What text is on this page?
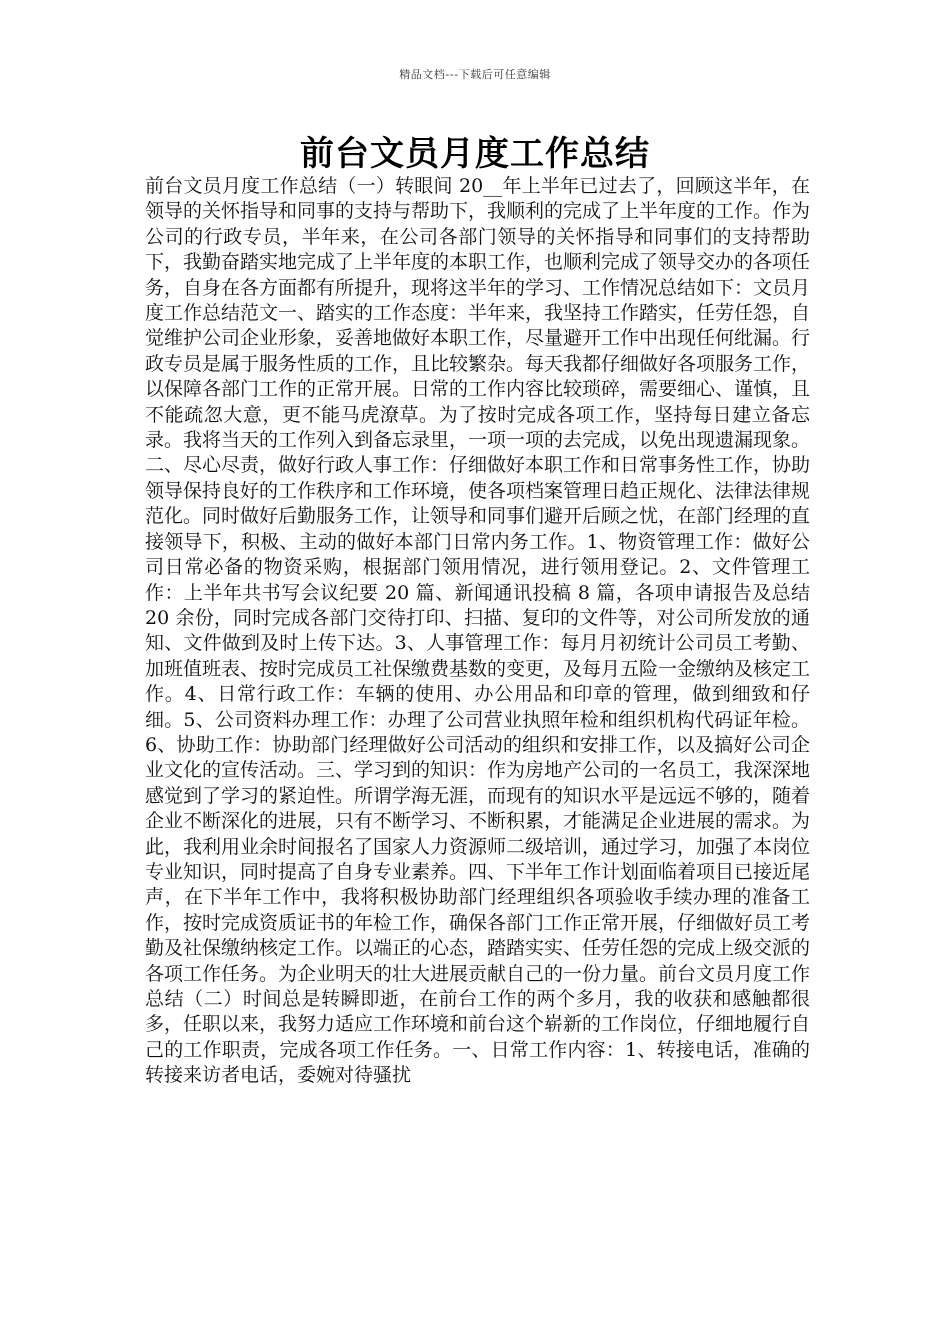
精品文档---下载后可任意编辑
前台文员月度工作总结

前台文员月度工作总结（一）转眼间 20__年上半年已过去了，回顾这半年，在领导的关怀指导和同事的支持与帮助下，我顺利的完成了上半年度的工作。作为公司的行政专员，半年来，在公司各部门领导的关怀指导和同事们的支持帮助下，我勤奋踏实地完成了上半年度的本职工作，也顺利完成了领导交办的各项任务，自身在各方面都有所提升，现将这半年的学习、工作情况总结如下：文员月度工作总结范文一、踏实的工作态度：半年来，我坚持工作踏实，任劳任怨，自觉维护公司企业形象，妥善地做好本职工作，尽量避开工作中出现任何纰漏。行政专员是属于服务性质的工作，且比较繁杂。每天我都仔细做好各项服务工作，以保障各部门工作的正常开展。日常的工作内容比较琐碎，需要细心、谨慎，且不能疏忽大意，更不能马虎潦草。为了按时完成各项工作，坚持每日建立备忘录。我将当天的工作列入到备忘录里，一项一项的去完成，以免出现遗漏现象。二、尽心尽责，做好行政人事工作：仔细做好本职工作和日常事务性工作，协助领导保持良好的工作秩序和工作环境，使各项档案管理日趋正规化、法律法律规范化。同时做好后勤服务工作，让领导和同事们避开后顾之忧，在部门经理的直接领导下，积极、主动的做好本部门日常内务工作。1、物资管理工作：做好公司日常必备的物资采购，根据部门领用情况，进行领用登记。2、文件管理工作：上半年共书写会议纪要 20 篇、新闻通讯投稿 8 篇，各项申请报告及总结 20 余份，同时完成各部门交待打印、扫描、复印的文件等，对公司所发放的通知、文件做到及时上传下达。3、人事管理工作：每月月初统计公司员工考勤、加班值班表、按时完成员工社保缴费基数的变更，及每月五险一金缴纳及核定工作。4、日常行政工作：车辆的使用、办公用品和印章的管理，做到细致和仔细。5、公司资料办理工作：办理了公司营业执照年检和组织机构代码证年检。6、协助工作：协助部门经理做好公司活动的组织和安排工作，以及搞好公司企业文化的宣传活动。三、学习到的知识：作为房地产公司的一名员工，我深深地感觉到了学习的紧迫性。所谓学海无涯，而现有的知识水平是远远不够的，随着企业不断深化的进展，只有不断学习、不断积累，才能满足企业进展的需求。为此，我利用业余时间报名了国家人力资源师二级培训，通过学习，加强了本岗位专业知识，同时提高了自身专业素养。四、下半年工作计划面临着项目已接近尾声，在下半年工作中，我将积极协助部门经理组织各项验收手续办理的准备工作，按时完成资质证书的年检工作，确保各部门工作正常开展，仔细做好员工考勤及社保缴纳核定工作。以端正的心态，踏踏实实、任劳任怨的完成上级交派的各项工作任务。为企业明天的壮大进展贡献自己的一份力量。前台文员月度工作总结（二）时间总是转瞬即逝，在前台工作的两个多月，我的收获和感触都很多，任职以来，我努力适应工作环境和前台这个崭新的工作岗位，仔细地履行自己的工作职责，完成各项工作任务。一、日常工作内容：1、转接电话，准确的转接来访者电话，委婉对待骚扰
